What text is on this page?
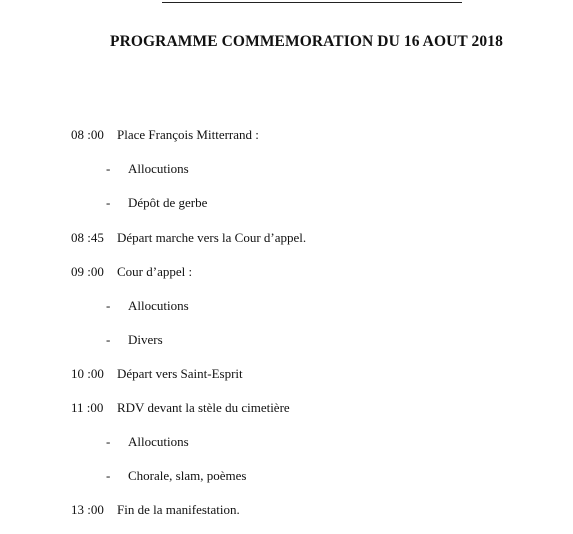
PROGRAMME COMMEMORATION DU 16 AOUT 2018
08 :00 Place François Mitterrand :
- Allocutions
- Dépôt de gerbe
08 :45 Départ marche vers la Cour d’appel.
09 :00 Cour d’appel :
- Allocutions
- Divers
10 :00 Départ vers Saint-Esprit
11 :00 RDV devant la stèle du cimetière
- Allocutions
- Chorale, slam, poèmes
13 :00 Fin de la manifestation.
